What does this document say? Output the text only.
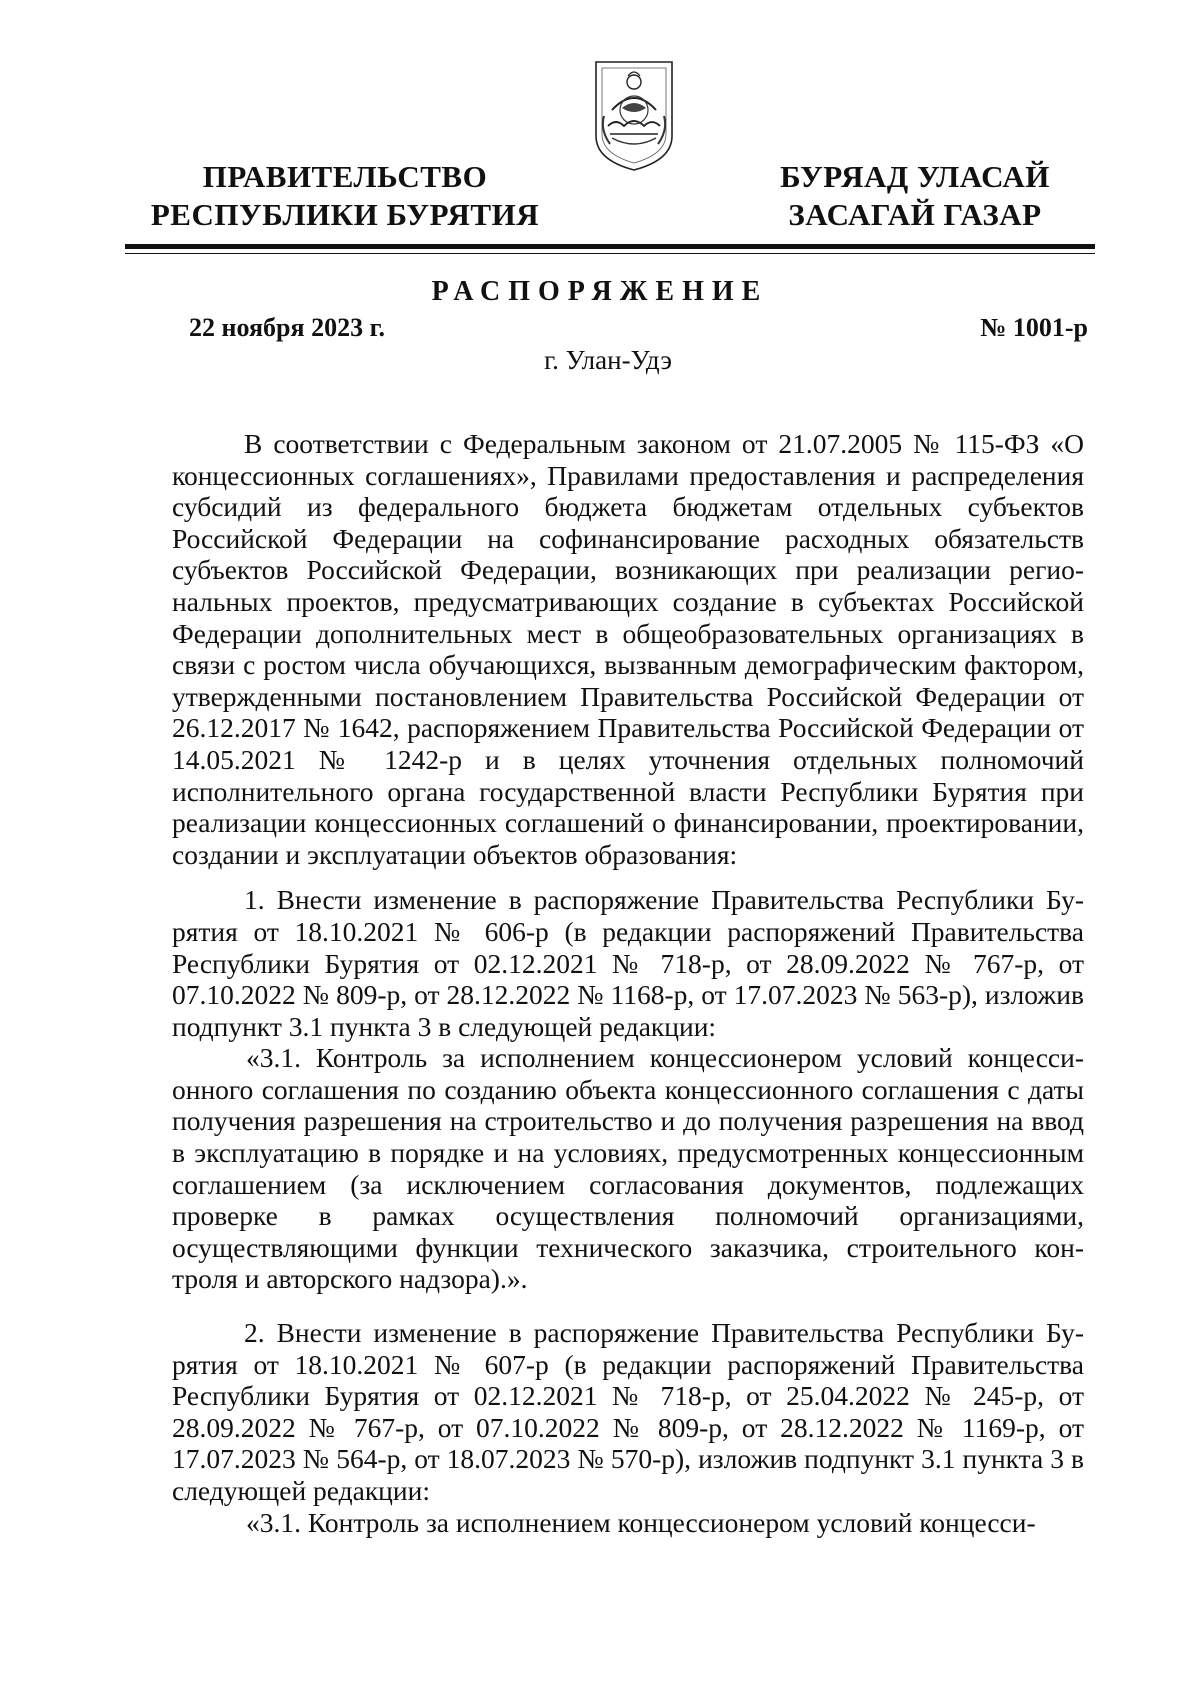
ПРАВИТЕЛЬСТВО
РЕСПУБЛИКИ БУРЯТИЯ
БУРЯАД УЛАСАЙ
ЗАСАГАЙ ГАЗАР
РАСПОРЯЖЕНИЕ
22 ноября 2023 г.	№ 1001-р
г. Улан-Удэ

В соответствии с Федеральным законом от 21.07.2005 № 115-ФЗ «О концессионных соглашениях», Правилами предоставления и распределения субсидий из федерального бюджета бюджетам отдельных субъектов Российской Федерации на софинансирование расходных обязательств субъектов Российской Федерации, возникающих при реализации региональных проектов, предусматривающих создание в субъектах Российской Федерации дополнительных мест в общеобразовательных организациях в связи с ростом числа обучающихся, вызванным демографическим фактором, утвержденными постановлением Правительства Российской Федерации от 26.12.2017 № 1642, распоряжением Правительства Российской Федерации от 14.05.2021 № 1242-р и в целях уточнения отдельных полномочий исполнительного органа государственной власти Республики Бурятия при реализации концессионных соглашений о финансировании, проектировании, создании и эксплуатации объектов образования:

1. Внести изменение в распоряжение Правительства Республики Бурятия от 18.10.2021 № 606-р (в редакции распоряжений Правительства Республики Бурятия от 02.12.2021 № 718-р, от 28.09.2022 № 767-р, от 07.10.2022 № 809-р, от 28.12.2022 № 1168-р, от 17.07.2023 № 563-р), изложив подпункт 3.1 пункта 3 в следующей редакции:

«3.1. Контроль за исполнением концессионером условий концессионного соглашения по созданию объекта концессионного соглашения с даты получения разрешения на строительство и до получения разрешения на ввод в эксплуатацию в порядке и на условиях, предусмотренных концессионным соглашением (за исключением согласования документов, подлежащих проверке в рамках осуществления полномочий организациями, осуществляющими функции технического заказчика, строительного контроля и авторского надзора).».

2. Внести изменение в распоряжение Правительства Республики Бурятия от 18.10.2021 № 607-р (в редакции распоряжений Правительства Республики Бурятия от 02.12.2021 № 718-р, от 25.04.2022 № 245-р, от 28.09.2022 № 767-р, от 07.10.2022 № 809-р, от 28.12.2022 № 1169-р, от 17.07.2023 № 564-р, от 18.07.2023 № 570-р), изложив подпункт 3.1 пункта 3 в следующей редакции:

«3.1. Контроль за исполнением концессионером условий концесси-
